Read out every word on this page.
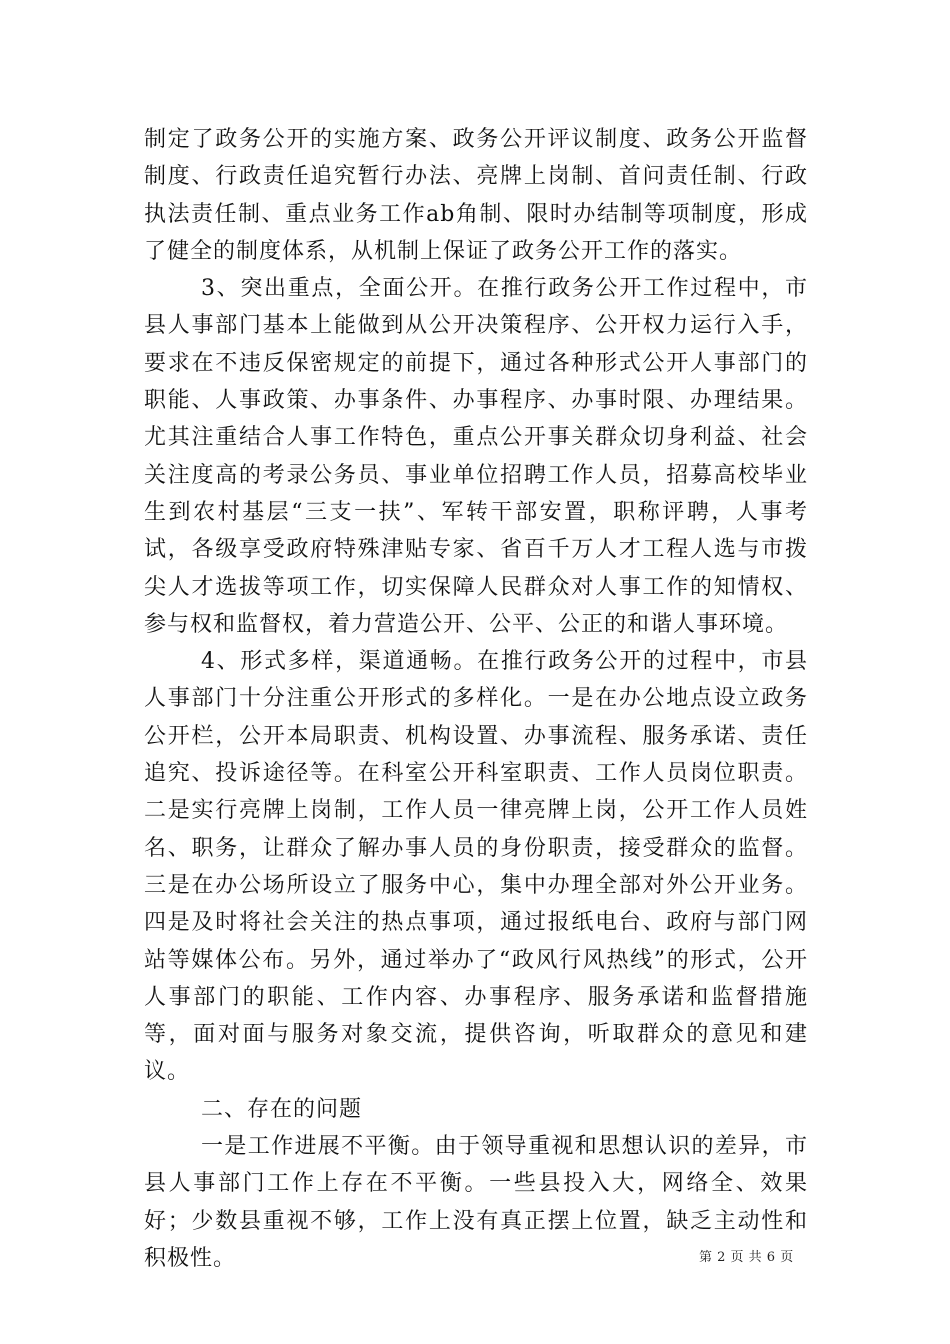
制定了政务公开的实施方案、政务公开评议制度、政务公开监督制度、行政责任追究暂行办法、亮牌上岗制、首问责任制、行政执法责任制、重点业务工作ab角制、限时办结制等项制度，形成了健全的制度体系，从机制上保证了政务公开工作的落实。

3、突出重点，全面公开。在推行政务公开工作过程中，市县人事部门基本上能做到从公开决策程序、公开权力运行入手，要求在不违反保密规定的前提下，通过各种形式公开人事部门的职能、人事政策、办事条件、办事程序、办事时限、办理结果。尤其注重结合人事工作特色，重点公开事关群众切身利益、社会关注度高的考录公务员、事业单位招聘工作人员，招募高校毕业生到农村基层“三支一扶”、军转干部安置，职称评聘，人事考试，各级享受政府特殊津贴专家、省百千万人才工程人选与市拨尖人才选拔等项工作，切实保障人民群众对人事工作的知情权、参与权和监督权，着力营造公开、公平、公正的和谐人事环境。

4、形式多样，渠道通畅。在推行政务公开的过程中，市县人事部门十分注重公开形式的多样化。一是在办公地点设立政务公开栏，公开本局职责、机构设置、办事流程、服务承诺、责任追究、投诉途径等。在科室公开科室职责、工作人员岗位职责。二是实行亮牌上岗制，工作人员一律亮牌上岗，公开工作人员姓名、职务，让群众了解办事人员的身份职责，接受群众的监督。三是在办公场所设立了服务中心，集中办理全部对外公开业务。四是及时将社会关注的热点事项，通过报纸电台、政府与部门网站等媒体公布。另外，通过举办了“政风行风热线”的形式，公开人事部门的职能、工作内容、办事程序、服务承诺和监督措施等，面对面与服务对象交流，提供咨询，听取群众的意见和建议。

二、存在的问题

一是工作进展不平衡。由于领导重视和思想认识的差异，市县人事部门工作上存在不平衡。一些县投入大，网络全、效果好；少数县重视不够，工作上没有真正摆上位置，缺乏主动性和积极性。	第 2 页 共 6 页
